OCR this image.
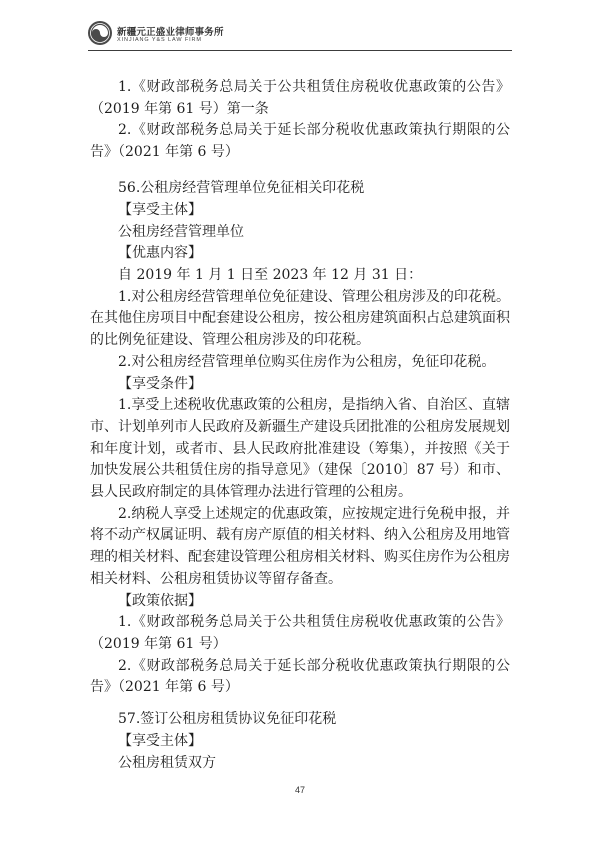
新疆元正盛业律师事务所
XINJIANG Y&S LAW FIRM
1.《财政部税务总局关于公共租赁住房税收优惠政策的公告》
（2019 年第 61 号）第一条
2.《财政部税务总局关于延长部分税收优惠政策执行期限的公
告》（2021 年第 6 号）
56.公租房经营管理单位免征相关印花税
【享受主体】
公租房经营管理单位
【优惠内容】
自 2019 年 1 月 1 日至 2023 年 12 月 31 日：
1.对公租房经营管理单位免征建设、管理公租房涉及的印花税。
在其他住房项目中配套建设公租房，按公租房建筑面积占总建筑面积
的比例免征建设、管理公租房涉及的印花税。
2.对公租房经营管理单位购买住房作为公租房，免征印花税。
【享受条件】
1.享受上述税收优惠政策的公租房，是指纳入省、自治区、直辖
市、计划单列市人民政府及新疆生产建设兵团批准的公租房发展规划
和年度计划，或者市、县人民政府批准建设（筹集），并按照《关于
加快发展公共租赁住房的指导意见》（建保〔2010〕87 号）和市、
县人民政府制定的具体管理办法进行管理的公租房。
2.纳税人享受上述规定的优惠政策，应按规定进行免税申报，并
将不动产权属证明、载有房产原值的相关材料、纳入公租房及用地管
理的相关材料、配套建设管理公租房相关材料、购买住房作为公租房
相关材料、公租房租赁协议等留存备查。
【政策依据】
1.《财政部税务总局关于公共租赁住房税收优惠政策的公告》
（2019 年第 61 号）
2.《财政部税务总局关于延长部分税收优惠政策执行期限的公
告》（2021 年第 6 号）
57.签订公租房租赁协议免征印花税
【享受主体】
公租房租赁双方
47
